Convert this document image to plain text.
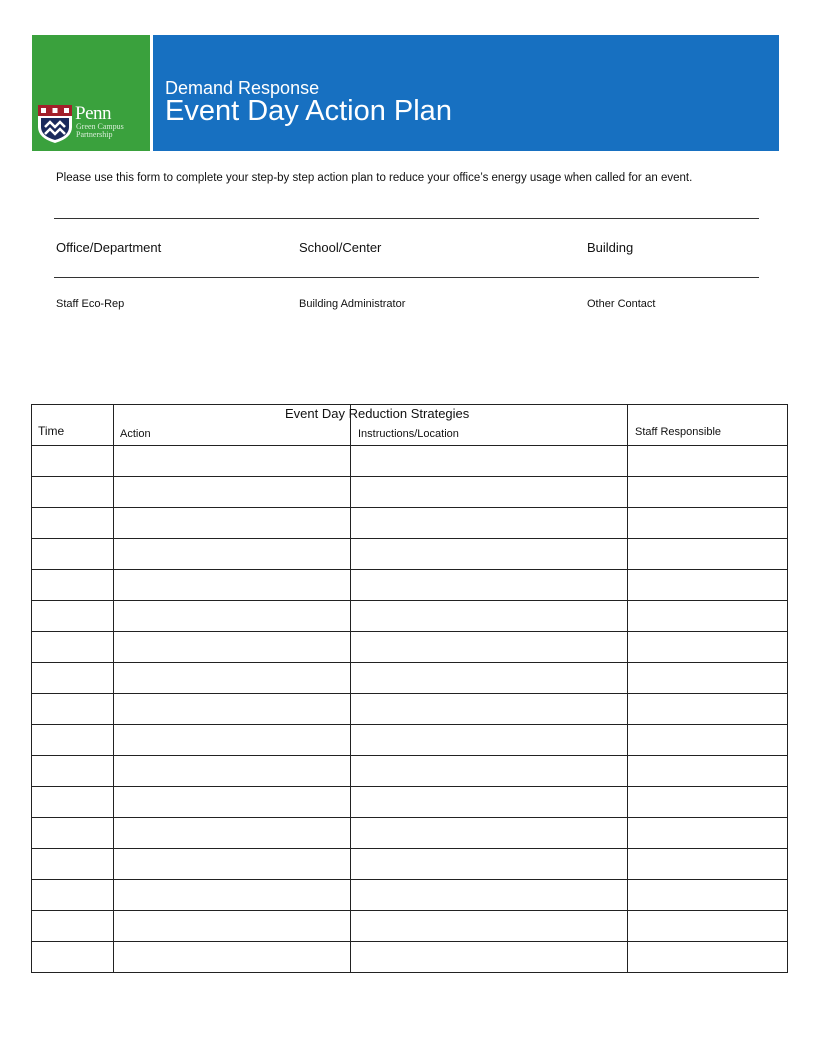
Penn
Green Campus
Partnership
Demand Response
Event Day Action Plan
Please use this form to complete your step-by step action plan to reduce your office’s energy usage when called for an event.
Office/Department	School/Center	Building
Staff Eco-Rep	Building Administrator	Other Contact
Time	Action	Instructions/Location	Staff Responsible

Event Day Reduction Strategies
